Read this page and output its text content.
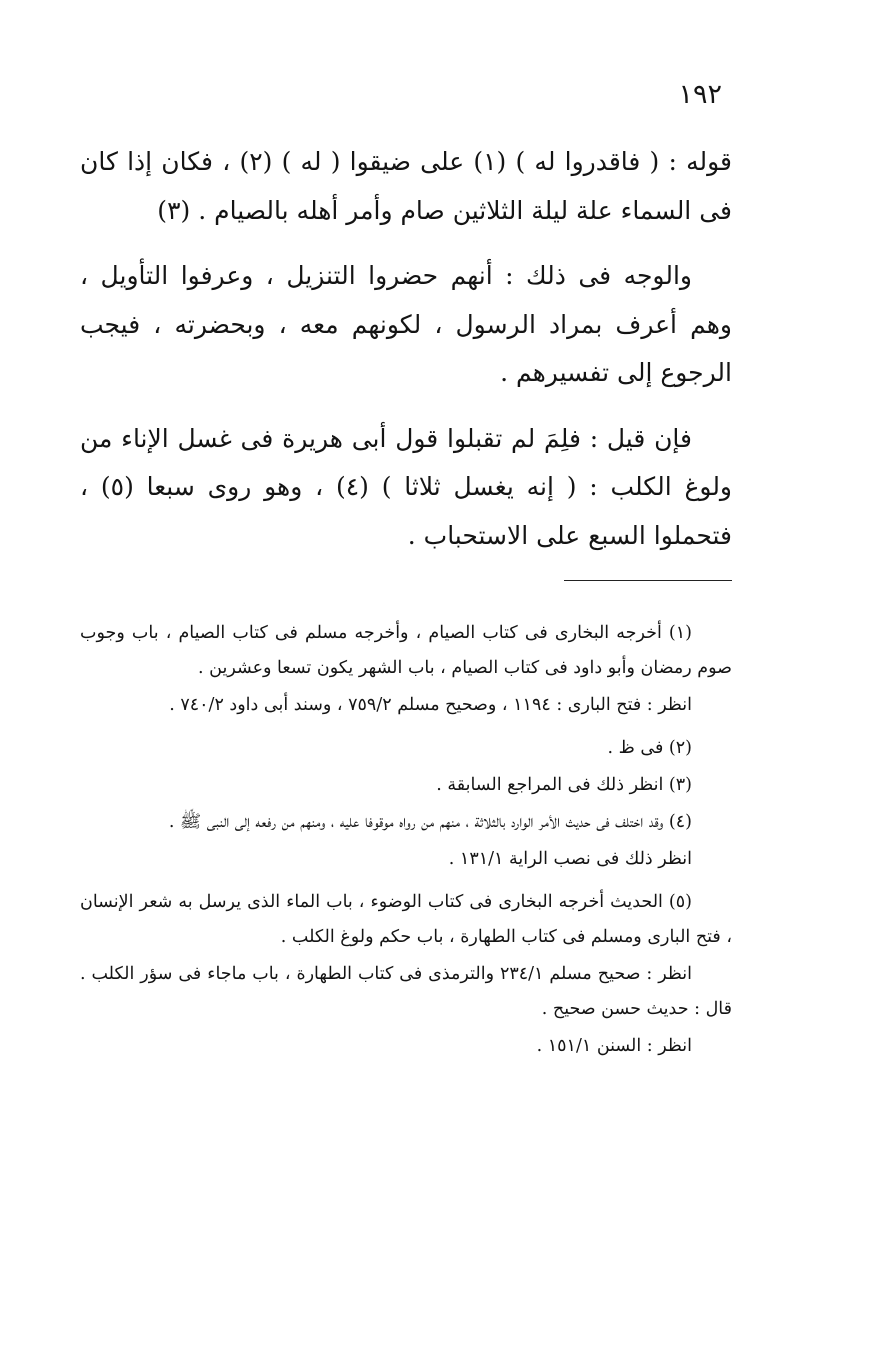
١٩٢

قوله : ( فاقدروا له ) (١) على ضيقوا ( له ) (٢) ، فكان إذا كان فى السماء علة ليلة الثلاثين صام وأمر أهله بالصيام . (٣)

والوجه فى ذلك : أنهم حضروا التنزيل ، وعرفوا التأويل ، وهم أعرف بمراد الرسول ، لكونهم معه ، وبحضرته ، فيجب الرجوع إلى تفسيرهم .

فإن قيل : فلِمَ لم تقبلوا قول أبى هريرة فى غسل الإناء من ولوغ الكلب : ( إنه يغسل ثلاثا ) (٤) ، وهو روى سبعا (٥) ، فتحملوا السبع على الاستحباب .

(١) أخرجه البخارى فى كتاب الصيام ، وأخرجه مسلم فى كتاب الصيام ، باب وجوب صوم رمضان وأبو داود فى كتاب الصيام ، باب الشهر يكون تسعا وعشرين .
انظر : فتح البارى : ١١٩٤ ، وصحيح مسلم ٧٥٩/٢ ، وسند أبى داود ٧٤٠/٢ .
(٢) فى ظ .
(٣) انظر ذلك فى المراجع السابقة .
(٤) وقد اختلف فى حديث الأمر الوارد بالثلاثة ، منهم من رواه موقوفا عليه ، ومنهم من رفعه إلى النبى ﷺ .
انظر ذلك فى نصب الراية ١٣١/١ .
(٥) الحديث أخرجه البخارى فى كتاب الوضوء ، باب الماء الذى يرسل به شعر الإنسان ، فتح البارى ومسلم فى كتاب الطهارة ، باب حكم ولوغ الكلب .
انظر : صحيح مسلم ٢٣٤/١ والترمذى فى كتاب الطهارة ، باب ماجاء فى سؤر الكلب . قال : حديث حسن صحيح .
انظر : السنن ١٥١/١ .
